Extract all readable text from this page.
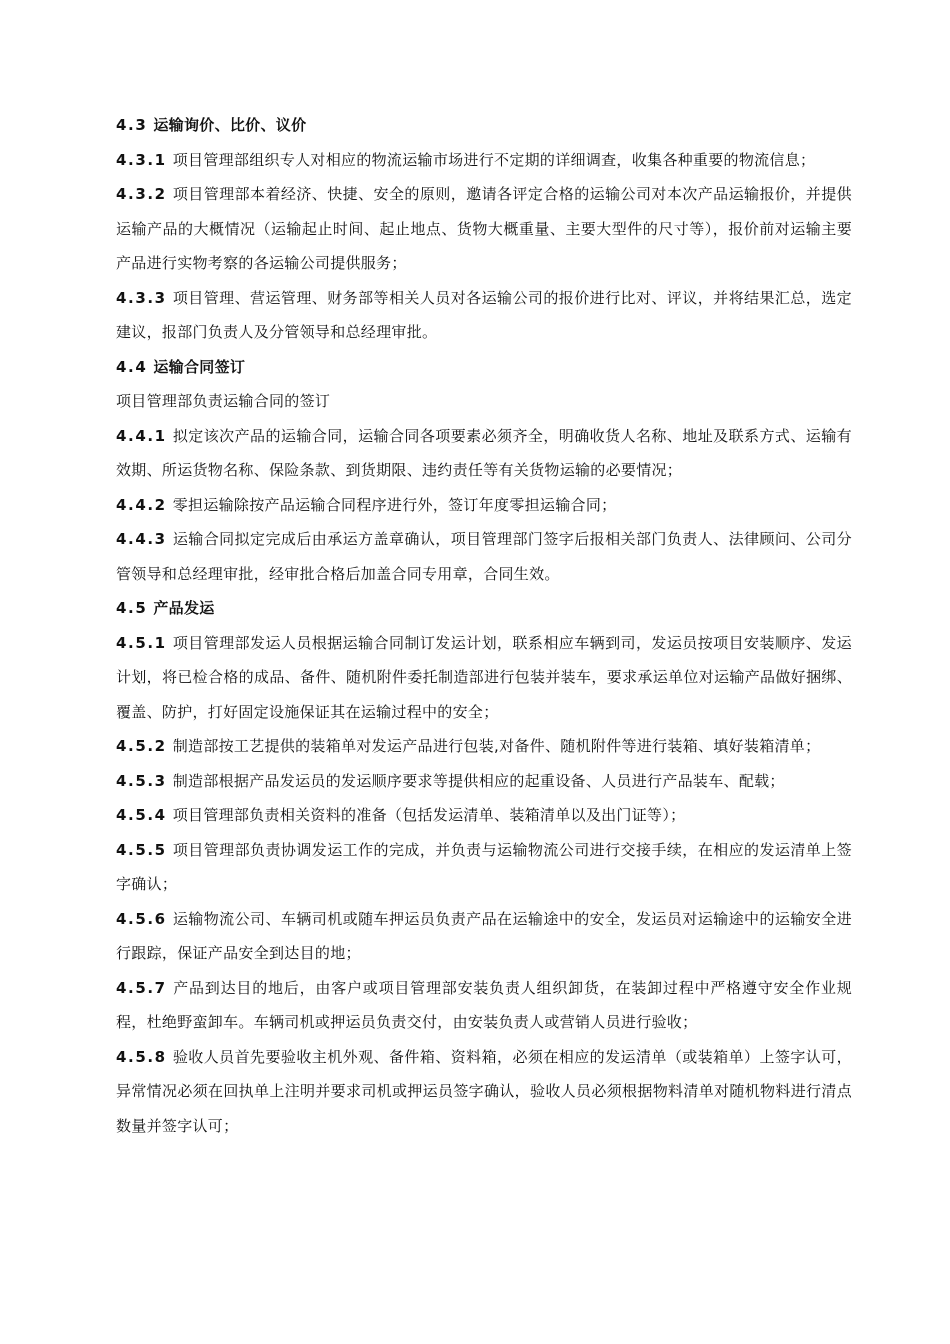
4.3 运输询价、比价、议价

4.3.1 项目管理部组织专人对相应的物流运输市场进行不定期的详细调查，收集各种重要的物流信息；

4.3.2 项目管理部本着经济、快捷、安全的原则，邀请各评定合格的运输公司对本次产品运输报价，并提供运输产品的大概情况（运输起止时间、起止地点、货物大概重量、主要大型件的尺寸等），报价前对运输主要产品进行实物考察的各运输公司提供服务；

4.3.3 项目管理、营运管理、财务部等相关人员对各运输公司的报价进行比对、评议，并将结果汇总，选定建议，报部门负责人及分管领导和总经理审批。

4.4 运输合同签订

项目管理部负责运输合同的签订

4.4.1 拟定该次产品的运输合同，运输合同各项要素必须齐全，明确收货人名称、地址及联系方式、运输有效期、所运货物名称、保险条款、到货期限、违约责任等有关货物运输的必要情况；

4.4.2 零担运输除按产品运输合同程序进行外，签订年度零担运输合同；

4.4.3 运输合同拟定完成后由承运方盖章确认，项目管理部门签字后报相关部门负责人、法律顾问、公司分管领导和总经理审批，经审批合格后加盖合同专用章，合同生效。

4.5 产品发运

4.5.1 项目管理部发运人员根据运输合同制订发运计划，联系相应车辆到司，发运员按项目安装顺序、发运计划，将已检合格的成品、备件、随机附件委托制造部进行包装并装车，要求承运单位对运输产品做好捆绑、覆盖、防护，打好固定设施保证其在运输过程中的安全；

4.5.2 制造部按工艺提供的装箱单对发运产品进行包装,对备件、随机附件等进行装箱、填好装箱清单；

4.5.3 制造部根据产品发运员的发运顺序要求等提供相应的起重设备、人员进行产品装车、配载；

4.5.4 项目管理部负责相关资料的准备（包括发运清单、装箱清单以及出门证等）；

4.5.5 项目管理部负责协调发运工作的完成，并负责与运输物流公司进行交接手续，在相应的发运清单上签字确认；

4.5.6 运输物流公司、车辆司机或随车押运员负责产品在运输途中的安全，发运员对运输途中的运输安全进行跟踪，保证产品安全到达目的地；

4.5.7 产品到达目的地后，由客户或项目管理部安装负责人组织卸货，在装卸过程中严格遵守安全作业规程，杜绝野蛮卸车。车辆司机或押运员负责交付，由安装负责人或营销人员进行验收；

4.5.8 验收人员首先要验收主机外观、备件箱、资料箱，必须在相应的发运清单（或装箱单）上签字认可，异常情况必须在回执单上注明并要求司机或押运员签字确认，验收人员必须根据物料清单对随机物料进行清点数量并签字认可；
